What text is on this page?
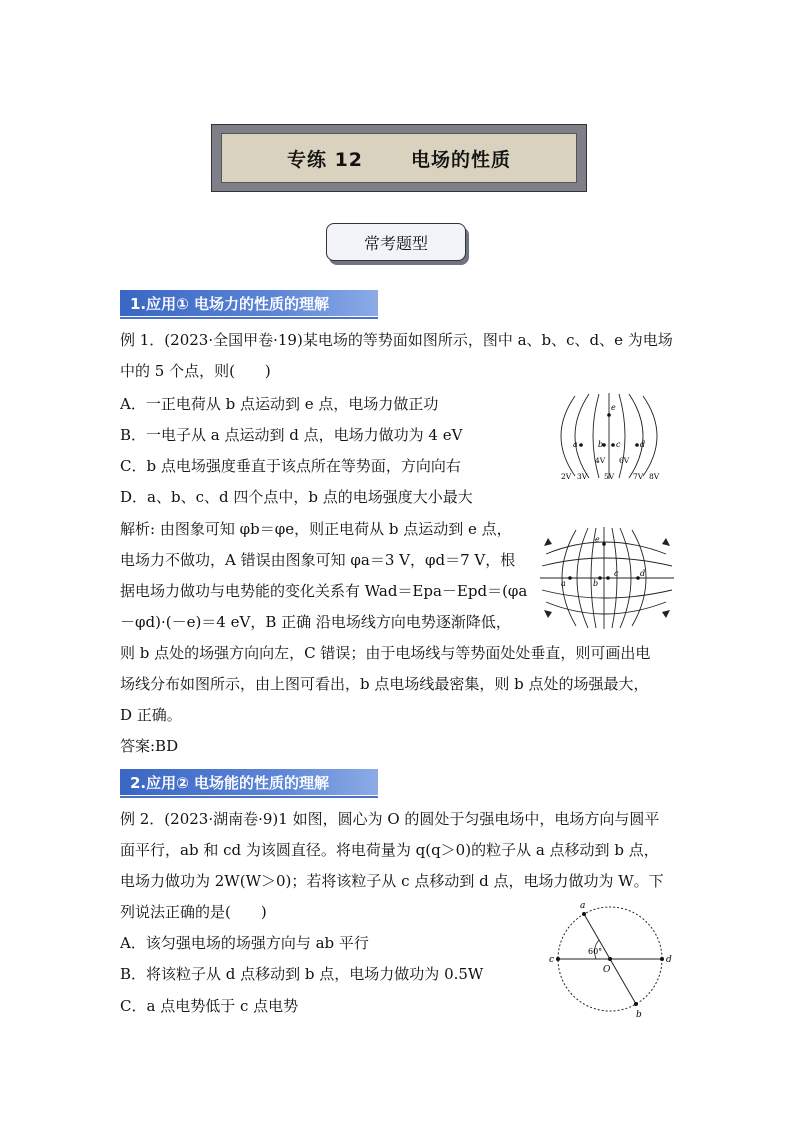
专练 12	电场的性质
常考题型
1.应用① 电场力的性质的理解
例 1．(2023·全国甲卷·19)某电场的等势面如图所示，图中 a、b、c、d、e 为电场
中的 5 个点，则(　　)
A．一正电荷从 b 点运动到 e 点，电场力做正功
B．一电子从 a 点运动到 d 点，电场力做功为 4 eV
C．b 点电场强度垂直于该点所在等势面，方向向右
D．a、b、c、d 四个点中，b 点的电场强度大小最大
解析: 由图象可知 φb＝φe，则正电荷从 b 点运动到 e 点，
电场力不做功，A 错误由图象可知 φa＝3 V，φd＝7 V，根
据电场力做功与电势能的变化关系有 Wad＝Epa－Epd＝(φa
－φd)·(－e)＝4 eV，B 正确 沿电场线方向电势逐渐降低，
则 b 点处的场强方向向左，C 错误；由于电场线与等势面处处垂直，则可画出电
场线分布如图所示，由上图可看出，b 点电场线最密集，则 b 点处的场强最大，
D 正确。
答案:BD
2.应用② 电场能的性质的理解
例 2．(2023·湖南卷·9)1 如图，圆心为 O 的圆处于匀强电场中，电场方向与圆平
面平行，ab 和 cd 为该圆直径。将电荷量为 q(q＞0)的粒子从 a 点移动到 b 点，
电场力做功为 2W(W＞0)；若将该粒子从 c 点移动到 d 点，电场力做功为 W。下
列说法正确的是(　　)
A．该匀强电场的场强方向与 ab 平行
B．将该粒子从 d 点移动到 b 点，电场力做功为 0.5W
C．a 点电势低于 c 点电势
e
a	b c d
4V 6V
2V 3V 5V	7V 8V
e
a	b
c	d
a
b
c	d
O
60°
